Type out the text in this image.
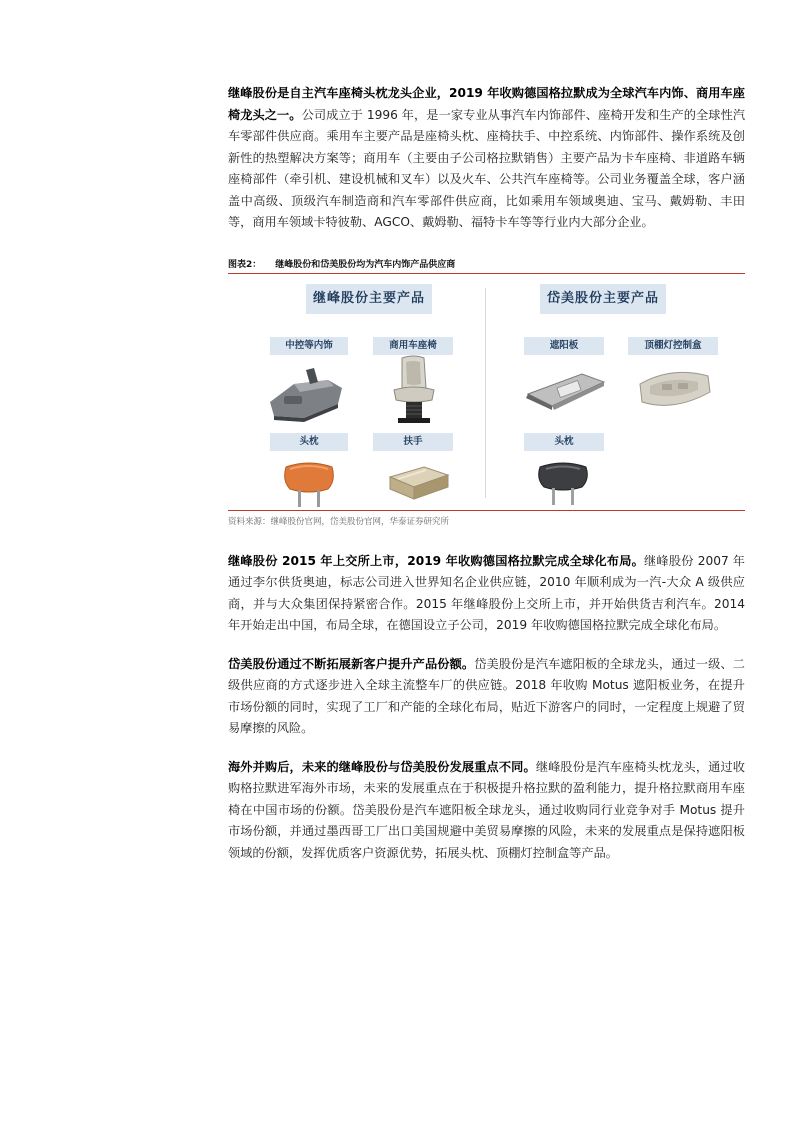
继峰股份是自主汽车座椅头枕龙头企业，2019 年收购德国格拉默成为全球汽车内饰、商用车座椅龙头之一。公司成立于 1996 年，是一家专业从事汽车内饰部件、座椅开发和生产的全球性汽车零部件供应商。乘用车主要产品是座椅头枕、座椅扶手、中控系统、内饰部件、操作系统及创新性的热塑解决方案等；商用车（主要由子公司格拉默销售）主要产品为卡车座椅、非道路车辆座椅部件（牵引机、建设机械和叉车）以及火车、公共汽车座椅等。公司业务覆盖全球，客户涵盖中高级、顶级汽车制造商和汽车零部件供应商，比如乘用车领域奥迪、宝马、戴姆勒、丰田等，商用车领域卡特彼勒、AGCO、戴姆勒、福特卡车等等行业内大部分企业。

图表2： 继峰股份和岱美股份均为汽车内饰产品供应商
继峰股份主要产品	岱美股份主要产品
中控等内饰	商用车座椅
头枕	扶手
遮阳板	顶棚灯控制盒
头枕
资料来源：继峰股份官网，岱美股份官网，华泰证券研究所

继峰股份 2015 年上交所上市，2019 年收购德国格拉默完成全球化布局。继峰股份 2007 年通过李尔供货奥迪，标志公司进入世界知名企业供应链，2010 年顺利成为一汽-大众 A 级供应商，并与大众集团保持紧密合作。2015 年继峰股份上交所上市，并开始供货吉利汽车。2014 年开始走出中国，布局全球，在德国设立子公司，2019 年收购德国格拉默完成全球化布局。

岱美股份通过不断拓展新客户提升产品份额。岱美股份是汽车遮阳板的全球龙头，通过一级、二级供应商的方式逐步进入全球主流整车厂的供应链。2018 年收购 Motus 遮阳板业务，在提升市场份额的同时，实现了工厂和产能的全球化布局，贴近下游客户的同时，一定程度上规避了贸易摩擦的风险。

海外并购后，未来的继峰股份与岱美股份发展重点不同。继峰股份是汽车座椅头枕龙头，通过收购格拉默进军海外市场，未来的发展重点在于积极提升格拉默的盈利能力，提升格拉默商用车座椅在中国市场的份额。岱美股份是汽车遮阳板全球龙头，通过收购同行业竞争对手 Motus 提升市场份额，并通过墨西哥工厂出口美国规避中美贸易摩擦的风险，未来的发展重点是保持遮阳板领域的份额，发挥优质客户资源优势，拓展头枕、顶棚灯控制盒等产品。
